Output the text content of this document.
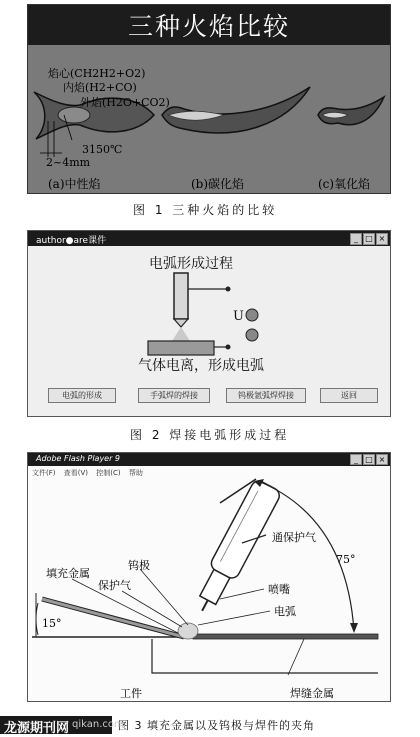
三种火焰比较
焰心(CH2H2+O2)
内焰(H2+CO)
外焰(H2O+CO2)
3150℃
2~4mm
(a)中性焰	(b)碳化焰	(c)氧化焰
图 1 三种火焰的比较
author●are课件	_ □ ×
电弧形成过程
U
气体电离，形成电弧
电弧的形成	手弧焊的焊接	钨极氩弧焊焊接	返回
图 2 焊接电弧形成过程
Adobe Flash Player 9	_ □ ×
文件(F) 查看(V) 控制(C) 帮助
通保护气
75°
填充金属
钨极
保护气	喷嘴
电弧
15°
工件	焊缝金属
图 3 填充金属以及钨极与焊件的夹角
龙源期刊网 qikan.com
